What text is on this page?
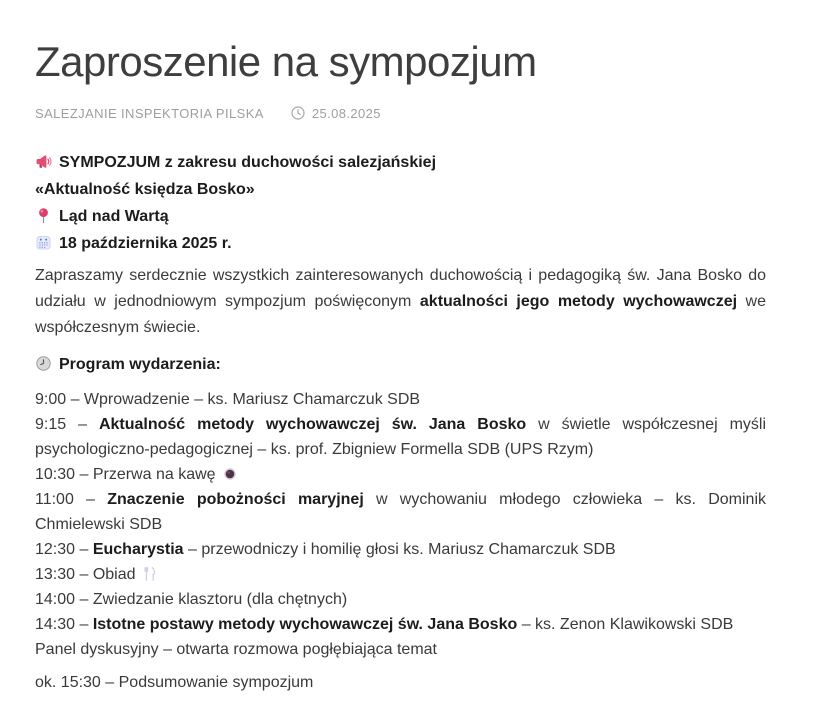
Zaproszenie na sympozjum
SALEZJANIE INSPEKTORIA PILSKA	25.08.2025

SYMPOZJUM z zakresu duchowości salezjańskiej
«Aktualność księdza Bosko»
Ląd nad Wartą
18 października 2025 r.

Zapraszamy serdecznie wszystkich zainteresowanych duchowością i pedagogiką św. Jana Bosko do udziału w jednodniowym sympozjum poświęconym aktualności jego metody wychowawczej we współczesnym świecie.

Program wydarzenia:

9:00 – Wprowadzenie – ks. Mariusz Chamarczuk SDB
9:15 – Aktualność metody wychowawczej św. Jana Bosko w świetle współczesnej myśli psychologiczno-pedagogicznej – ks. prof. Zbigniew Formella SDB (UPS Rzym)
10:30 – Przerwa na kawę
11:00 – Znaczenie pobożności maryjnej w wychowaniu młodego człowieka – ks. Dominik Chmielewski SDB
12:30 – Eucharystia – przewodniczy i homilię głosi ks. Mariusz Chamarczuk SDB
13:30 – Obiad
14:00 – Zwiedzanie klasztoru (dla chętnych)
14:30 – Istotne postawy metody wychowawczej św. Jana Bosko – ks. Zenon Klawikowski SDB
Panel dyskusyjny – otwarta rozmowa pogłębiająca temat

ok. 15:30 – Podsumowanie sympozjum
